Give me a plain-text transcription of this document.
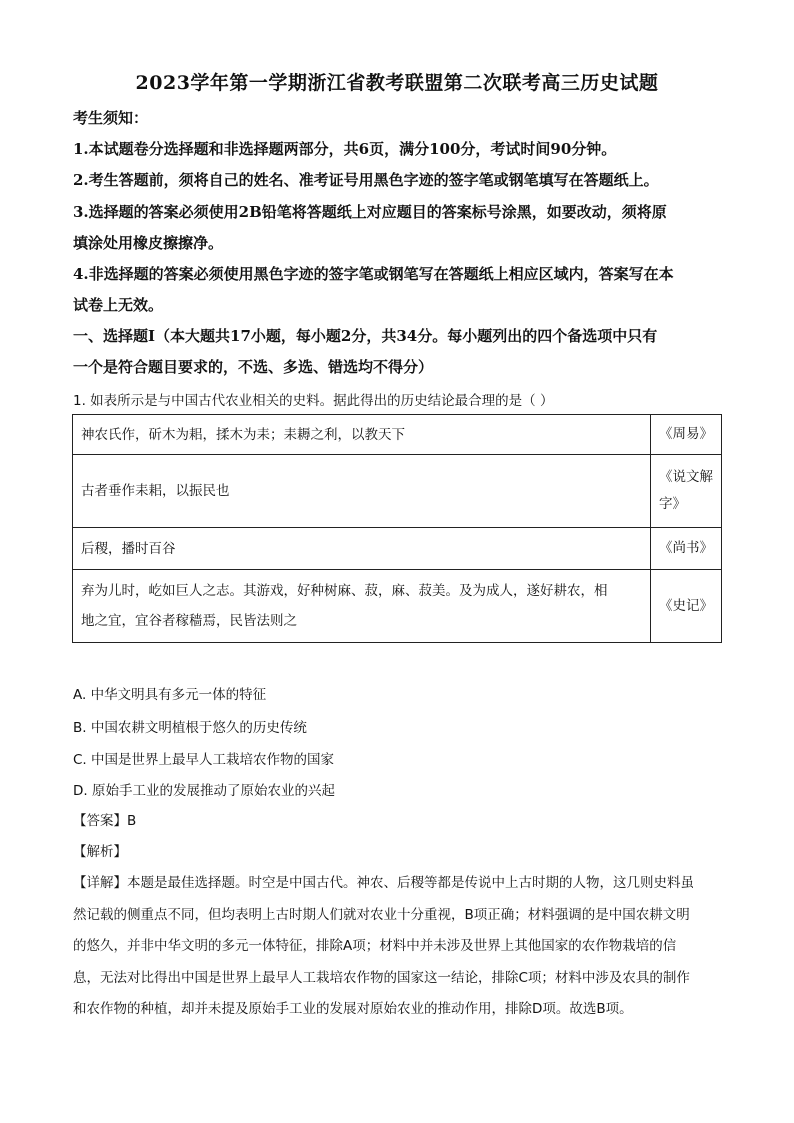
2023学年第一学期浙江省教考联盟第二次联考高三历史试题
考生须知：
1.本试题卷分选择题和非选择题两部分，共6页，满分100分，考试时间90分钟。
2.考生答题前，须将自己的姓名、准考证号用黑色字迹的签字笔或钢笔填写在答题纸上。
3.选择题的答案必须使用2B铅笔将答题纸上对应题目的答案标号涂黑，如要改动，须将原
填涂处用橡皮擦擦净。
4.非选择题的答案必须使用黑色字迹的签字笔或钢笔写在答题纸上相应区域内，答案写在本
试卷上无效。
一、选择题Ⅰ（本大题共17小题，每小题2分，共34分。每小题列出的四个备选项中只有
一个是符合题目要求的，不选、多选、错选均不得分）
1. 如表所示是与中国古代农业相关的史料。据此得出的历史结论最合理的是（ ）
神农氏作，斫木为耜，揉木为耒；耒耨之利，以教天下	《周易》
古者垂作耒耜，以振民也	《说文解
字》
后稷，播时百谷	《尚书》
弃为儿时，屹如巨人之志。其游戏，好种树麻、菽，麻、菽美。及为成人，遂好耕农，相
地之宜，宜谷者稼穑焉，民皆法则之	《史记》
A. 中华文明具有多元一体的特征
B. 中国农耕文明植根于悠久的历史传统
C. 中国是世界上最早人工栽培农作物的国家
D. 原始手工业的发展推动了原始农业的兴起
【答案】B
【解析】
【详解】本题是最佳选择题。时空是中国古代。神农、后稷等都是传说中上古时期的人物，这几则史料虽
然记载的侧重点不同，但均表明上古时期人们就对农业十分重视，B项正确；材料强调的是中国农耕文明
的悠久，并非中华文明的多元一体特征，排除A项；材料中并未涉及世界上其他国家的农作物栽培的信
息，无法对比得出中国是世界上最早人工栽培农作物的国家这一结论，排除C项；材料中涉及农具的制作
和农作物的种植，却并未提及原始手工业的发展对原始农业的推动作用，排除D项。故选B项。
